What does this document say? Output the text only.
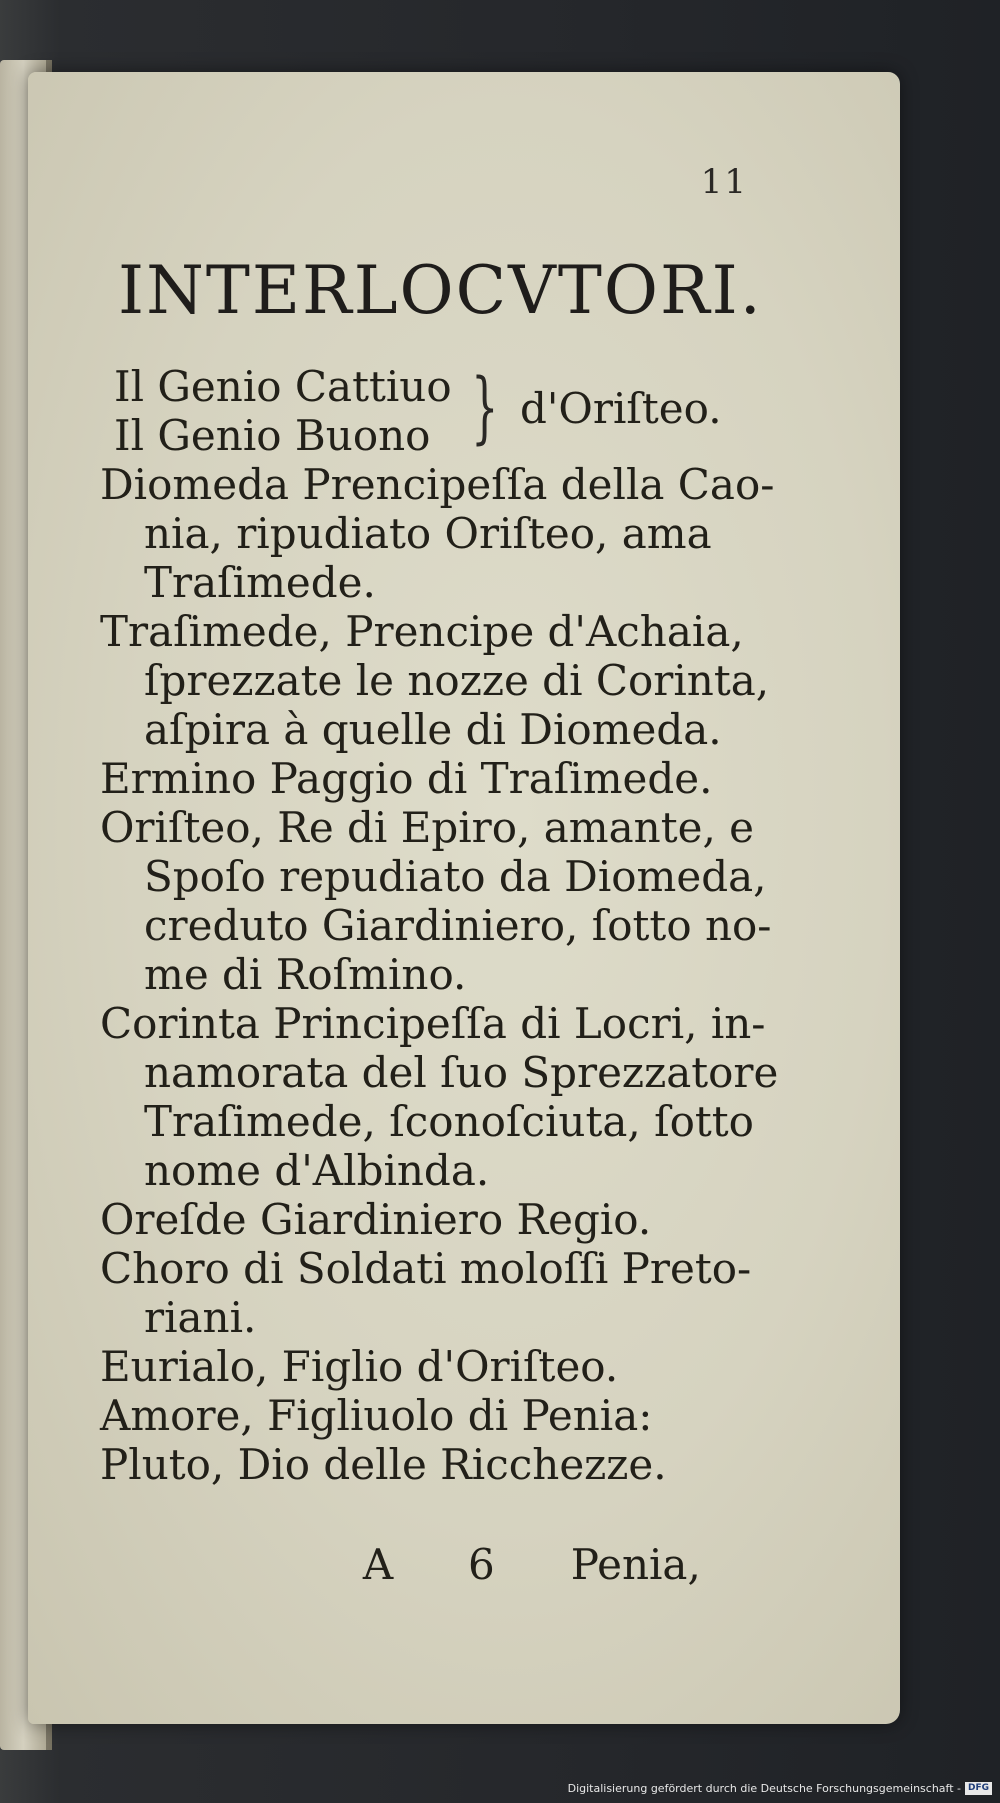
11
INTERLOCVTORI.
Il Genio Cattiuo
Il Genio Buono } d'Oriſteo.
Diomeda Prencipeſſa della Cao-
nia, ripudiato Oriſteo, ama
Traſimede.
Traſimede, Prencipe d'Achaia,
ſprezzate le nozze di Corinta,
aſpira à quelle di Diomeda.
Ermino Paggio di Traſimede.
Oriſteo, Re di Epiro, amante, e
Spoſo repudiato da Diomeda,
creduto Giardiniero, ſotto no-
me di Roſmino.
Corinta Principeſſa di Locri, in-
namorata del ſuo Sprezzatore
Traſimede, ſconoſciuta, ſotto
nome d'Albinda.
Oreſde Giardiniero Regio.
Choro di Soldati moloſſi Preto-
riani.
Eurialo, Figlio d'Oriſteo.
Amore, Figliuolo di Penia:
Pluto, Dio delle Ricchezze.
A 6 Penia,
Digitalisierung gefördert durch die Deutsche Forschungsgemeinschaft - DFG
